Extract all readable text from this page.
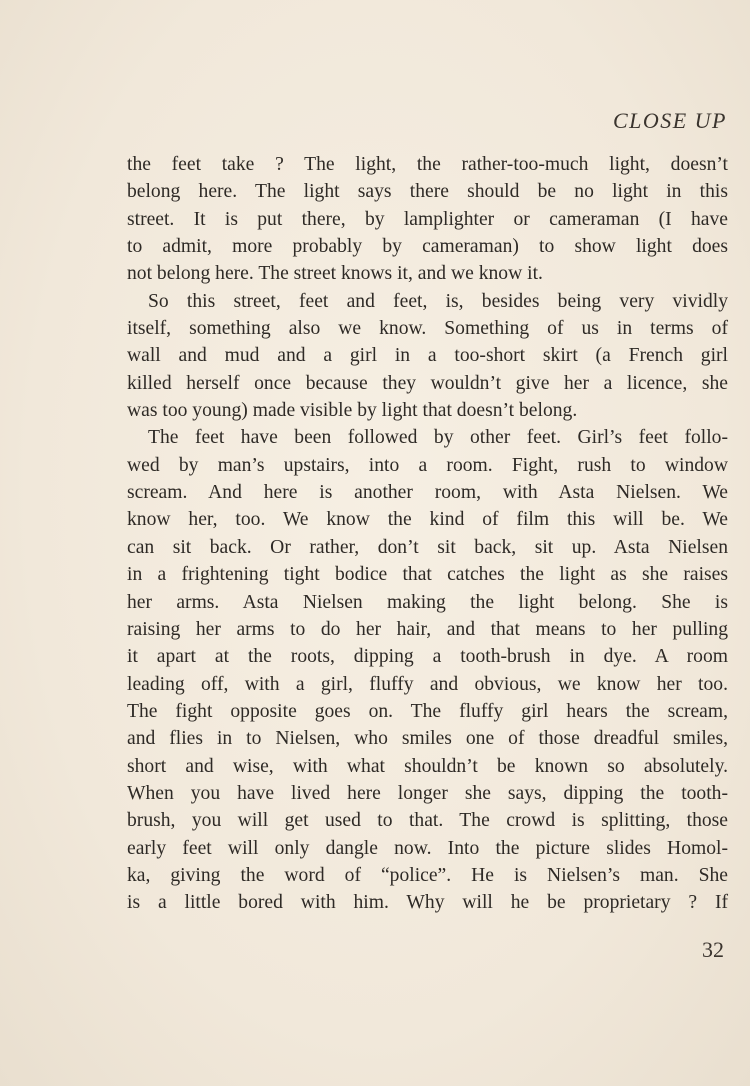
CLOSE UP

the feet take ? The light, the rather-too-much light, doesn’t
belong here. The light says there should be no light in this
street. It is put there, by lamplighter or cameraman (I have
to admit, more probably by cameraman) to show light does
not belong here. The street knows it, and we know it.

So this street, feet and feet, is, besides being very vividly
itself, something also we know. Something of us in terms of
wall and mud and a girl in a too-short skirt (a French girl
killed herself once because they wouldn’t give her a licence, she
was too young) made visible by light that doesn’t belong.

The feet have been followed by other feet. Girl’s feet follo-
wed by man’s upstairs, into a room. Fight, rush to window
scream. And here is another room, with Asta Nielsen. We
know her, too. We know the kind of film this will be. We
can sit back. Or rather, don’t sit back, sit up. Asta Nielsen
in a frightening tight bodice that catches the light as she raises
her arms. Asta Nielsen making the light belong. She is
raising her arms to do her hair, and that means to her pulling
it apart at the roots, dipping a tooth-brush in dye. A room
leading off, with a girl, fluffy and obvious, we know her too.
The fight opposite goes on. The fluffy girl hears the scream,
and flies in to Nielsen, who smiles one of those dreadful smiles,
short and wise, with what shouldn’t be known so absolutely.
When you have lived here longer she says, dipping the tooth-
brush, you will get used to that. The crowd is splitting, those
early feet will only dangle now. Into the picture slides Homol-
ka, giving the word of “police”. He is Nielsen’s man. She
is a little bored with him. Why will he be proprietary ? If

32
